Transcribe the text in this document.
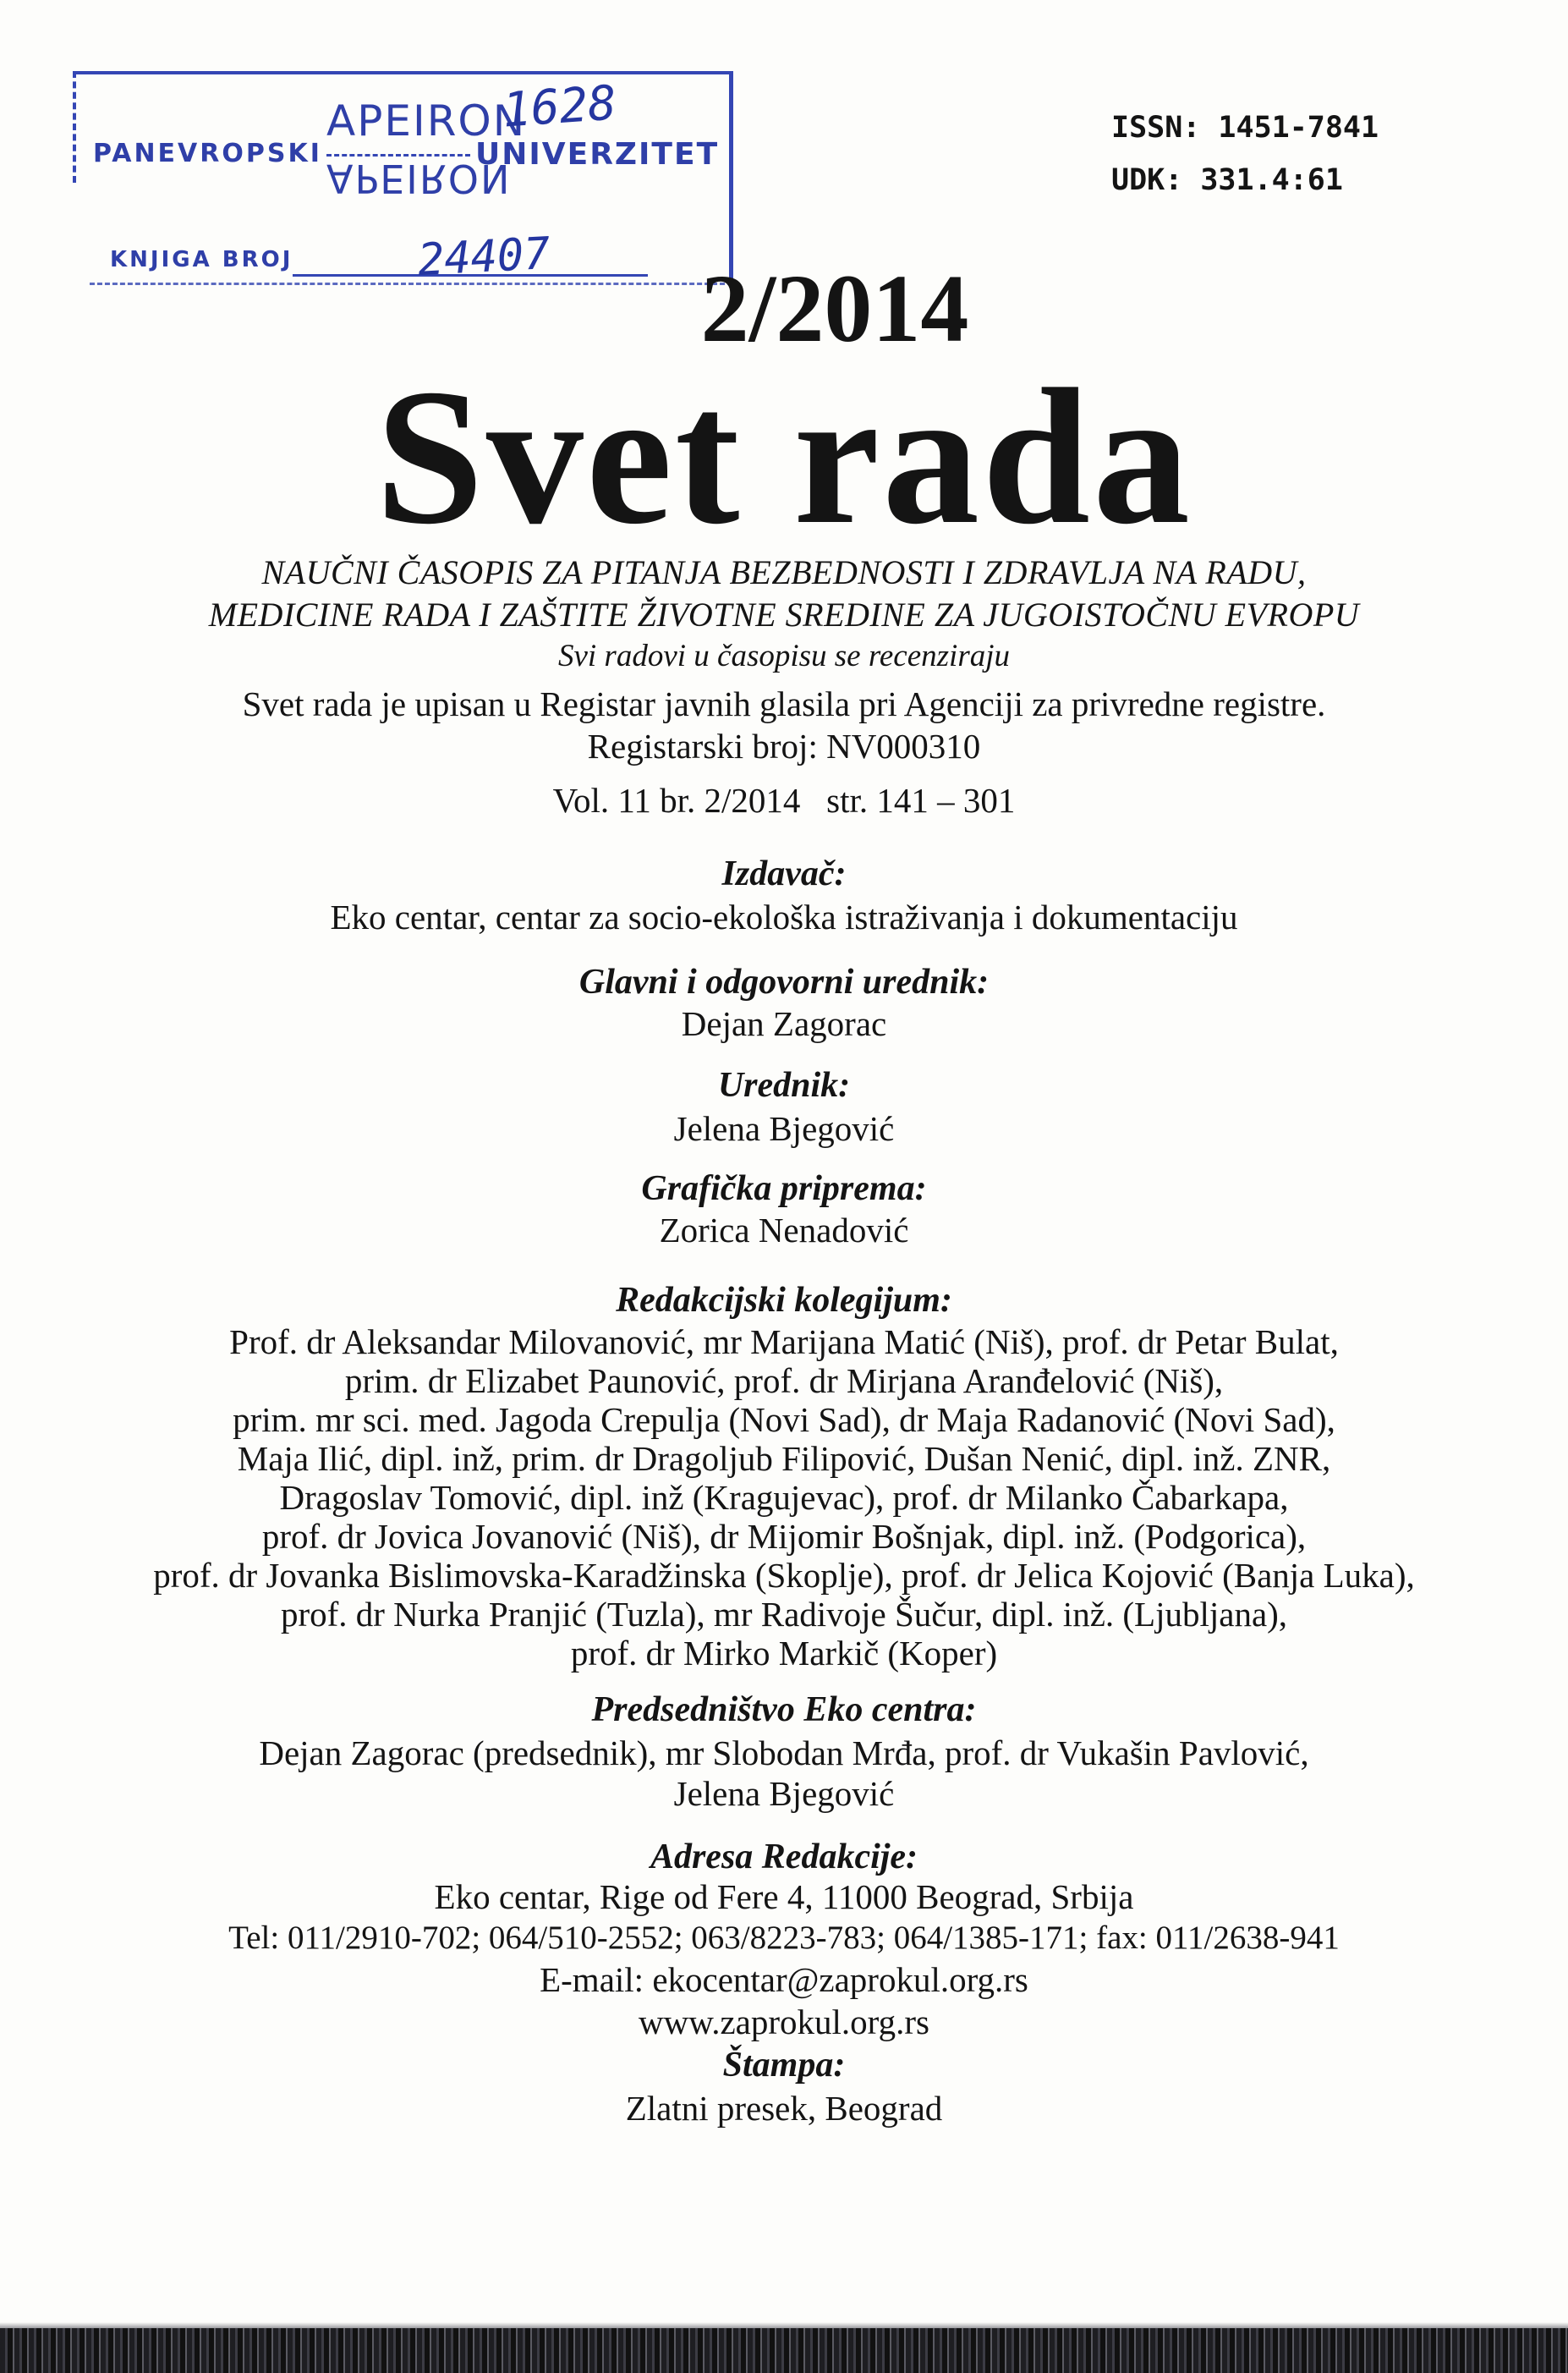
PANEVROPSKI
APEIRON
APEIRON
UNIVERZITET
1628
KNJIGA BROJ	24407
ISSN: 1451-7841
UDK: 331.4:61
2/2014
Svet rada
NAUČNI ČASOPIS ZA PITANJA BEZBEDNOSTI I ZDRAVLJA NA RADU,
MEDICINE RADA I ZAŠTITE ŽIVOTNE SREDINE ZA JUGOISTOČNU EVROPU
Svi radovi u časopisu se recenziraju
Svet rada je upisan u Registar javnih glasila pri Agenciji za privredne registre.
Registarski broj: NV000310
Vol. 11 br. 2/2014   str. 141 – 301
Izdavač:
Eko centar, centar za socio-ekološka istraživanja i dokumentaciju
Glavni i odgovorni urednik:
Dejan Zagorac
Urednik:
Jelena Bjegović
Grafička priprema:
Zorica Nenadović
Redakcijski kolegijum:
Prof. dr Aleksandar Milovanović, mr Marijana Matić (Niš), prof. dr Petar Bulat,
prim. dr Elizabet Paunović, prof. dr Mirjana Aranđelović (Niš),
prim. mr sci. med. Jagoda Crepulja (Novi Sad), dr Maja Radanović (Novi Sad),
Maja Ilić, dipl. inž, prim. dr Dragoljub Filipović, Dušan Nenić, dipl. inž. ZNR,
Dragoslav Tomović, dipl. inž (Kragujevac), prof. dr Milanko Čabarkapa,
prof. dr Jovica Jovanović (Niš), dr Mijomir Bošnjak, dipl. inž. (Podgorica),
prof. dr Jovanka Bislimovska-Karadžinska (Skoplje), prof. dr Jelica Kojović (Banja Luka),
prof. dr Nurka Pranjić (Tuzla), mr Radivoje Šučur, dipl. inž. (Ljubljana),
prof. dr Mirko Markič (Koper)
Predsedništvo Eko centra:
Dejan Zagorac (predsednik), mr Slobodan Mrđa, prof. dr Vukašin Pavlović,
Jelena Bjegović
Adresa Redakcije:
Eko centar, Rige od Fere 4, 11000 Beograd, Srbija
Tel: 011/2910-702; 064/510-2552; 063/8223-783; 064/1385-171; fax: 011/2638-941
E-mail: ekocentar@zaprokul.org.rs
www.zaprokul.org.rs
Štampa:
Zlatni presek, Beograd
